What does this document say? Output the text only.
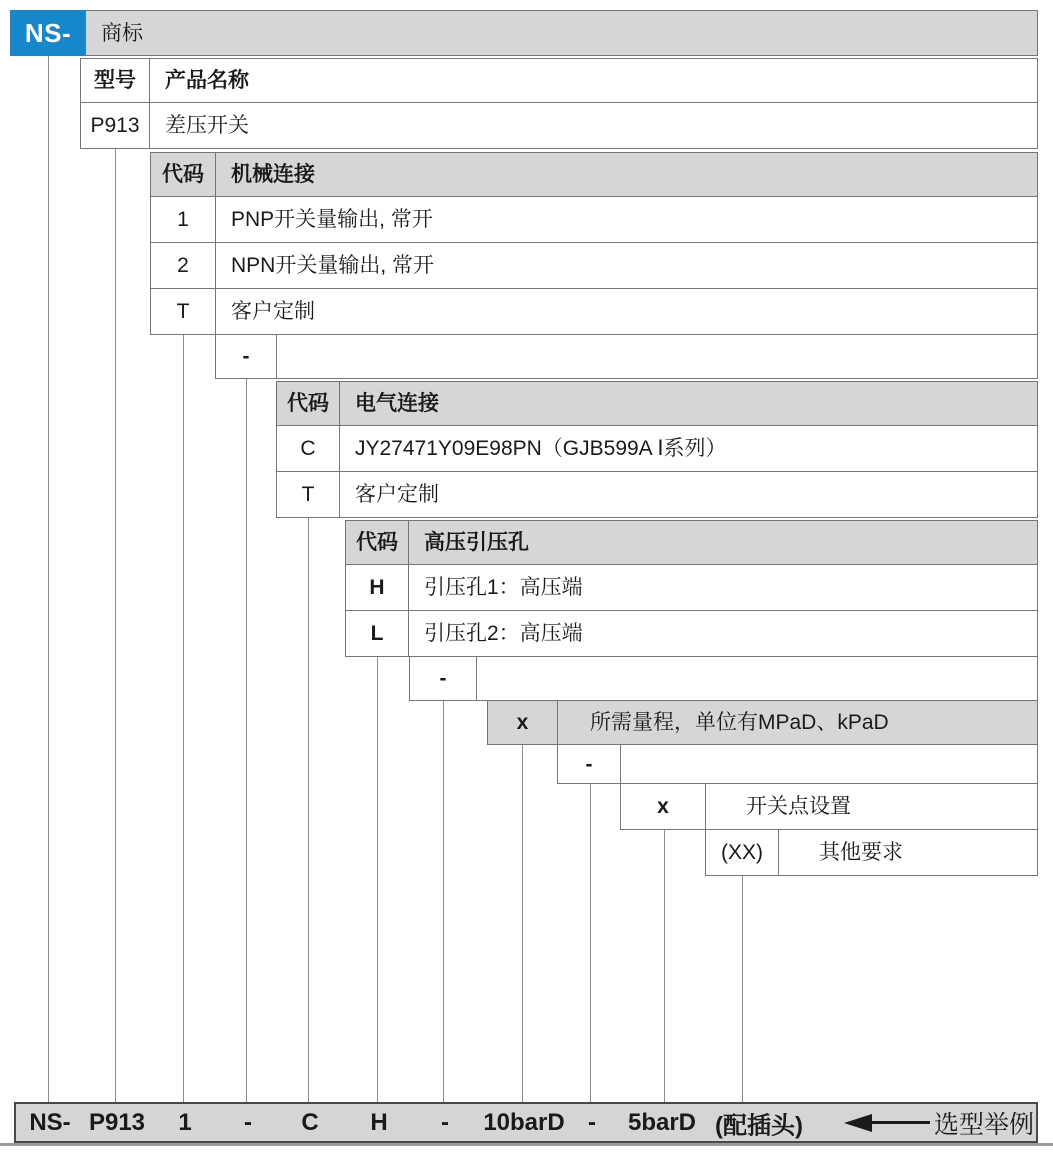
NS-	商标
型号	产品名称
P913	差压开关
代码	机械连接
1	PNP开关量输出, 常开
2	NPN开关量输出, 常开
T	客户定制
-
代码	电气连接
C	JY27471Y09E98PN（GJB599A Ⅰ系列）
T	客户定制
代码	高压引压孔
H	引压孔1：高压端
L	引压孔2：高压端
-
x	所需量程，单位有MPaD、kPaD
-
x	开关点设置
(XX)	其他要求
NS- P913 1 - C H - 10barD - 5barD (配插头)	选型举例
